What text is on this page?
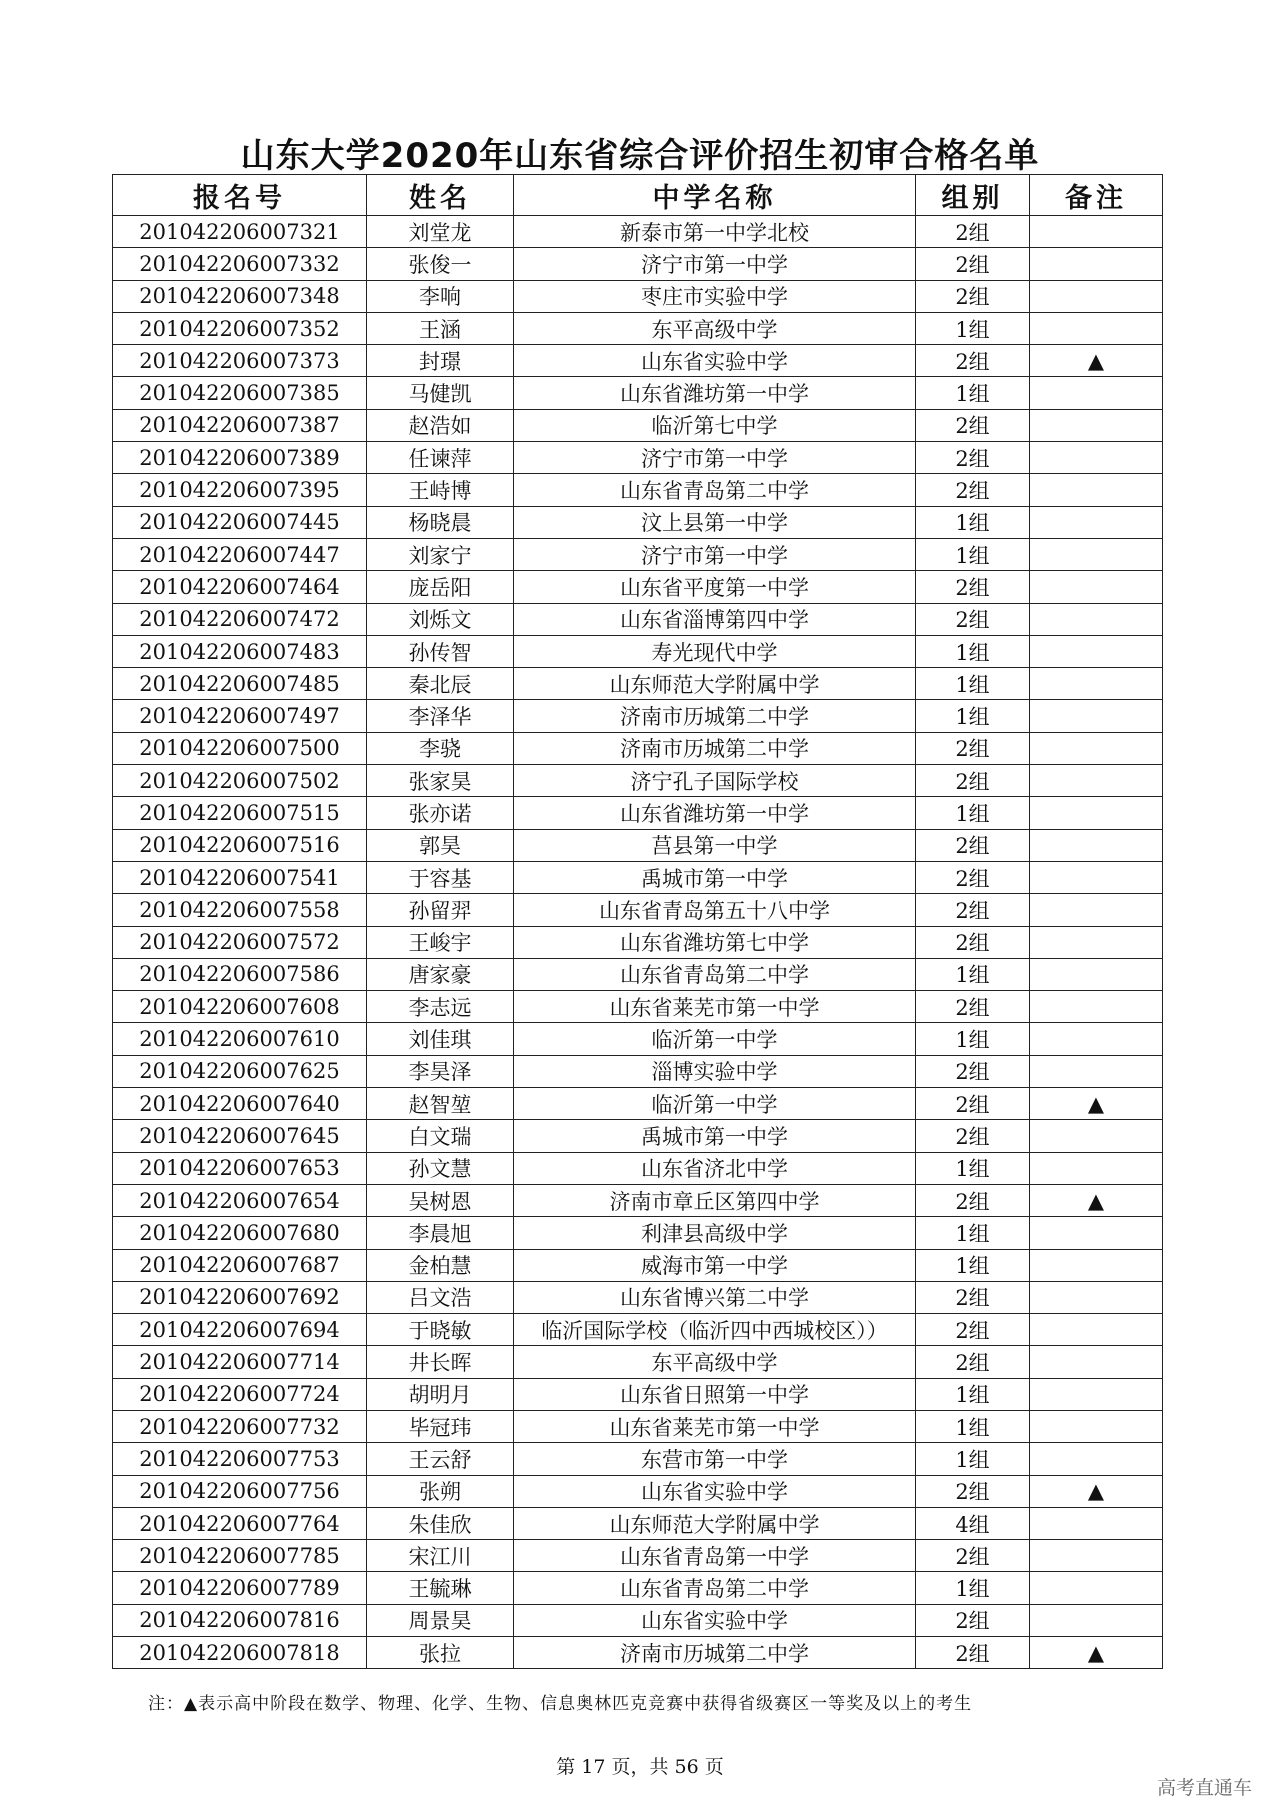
山东大学2020年山东省综合评价招生初审合格名单
报名号	姓名	中学名称	组别	备注
201042206007321	刘堂龙	新泰市第一中学北校	2组	
201042206007332	张俊一	济宁市第一中学	2组	
201042206007348	李响	枣庄市实验中学	2组	
201042206007352	王涵	东平高级中学	1组	
201042206007373	封璟	山东省实验中学	2组	▲
201042206007385	马健凯	山东省潍坊第一中学	1组	
201042206007387	赵浩如	临沂第七中学	2组	
201042206007389	任谏萍	济宁市第一中学	2组	
201042206007395	王峙博	山东省青岛第二中学	2组	
201042206007445	杨晓晨	汶上县第一中学	1组	
201042206007447	刘家宁	济宁市第一中学	1组	
201042206007464	庞岳阳	山东省平度第一中学	2组	
201042206007472	刘烁文	山东省淄博第四中学	2组	
201042206007483	孙传智	寿光现代中学	1组	
201042206007485	秦北辰	山东师范大学附属中学	1组	
201042206007497	李泽华	济南市历城第二中学	1组	
201042206007500	李骁	济南市历城第二中学	2组	
201042206007502	张家昊	济宁孔子国际学校	2组	
201042206007515	张亦诺	山东省潍坊第一中学	1组	
201042206007516	郭昊	莒县第一中学	2组	
201042206007541	于容基	禹城市第一中学	2组	
201042206007558	孙留羿	山东省青岛第五十八中学	2组	
201042206007572	王峻宇	山东省潍坊第七中学	2组	
201042206007586	唐家豪	山东省青岛第二中学	1组	
201042206007608	李志远	山东省莱芜市第一中学	2组	
201042206007610	刘佳琪	临沂第一中学	1组	
201042206007625	李昊泽	淄博实验中学	2组	
201042206007640	赵智堃	临沂第一中学	2组	▲
201042206007645	白文瑞	禹城市第一中学	2组	
201042206007653	孙文慧	山东省济北中学	1组	
201042206007654	吴树恩	济南市章丘区第四中学	2组	▲
201042206007680	李晨旭	利津县高级中学	1组	
201042206007687	金柏慧	威海市第一中学	1组	
201042206007692	吕文浩	山东省博兴第二中学	2组	
201042206007694	于晓敏	临沂国际学校（临沂四中西城校区））	2组	
201042206007714	井长晖	东平高级中学	2组	
201042206007724	胡明月	山东省日照第一中学	1组	
201042206007732	毕冠玮	山东省莱芜市第一中学	1组	
201042206007753	王云舒	东营市第一中学	1组	
201042206007756	张朔	山东省实验中学	2组	▲
201042206007764	朱佳欣	山东师范大学附属中学	4组	
201042206007785	宋江川	山东省青岛第一中学	2组	
201042206007789	王毓琳	山东省青岛第二中学	1组	
201042206007816	周景昊	山东省实验中学	2组	
201042206007818	张拉	济南市历城第二中学	2组	▲
注：▲表示高中阶段在数学、物理、化学、生物、信息奥林匹克竞赛中获得省级赛区一等奖及以上的考生
第 17 页，共 56 页
高考直通车
